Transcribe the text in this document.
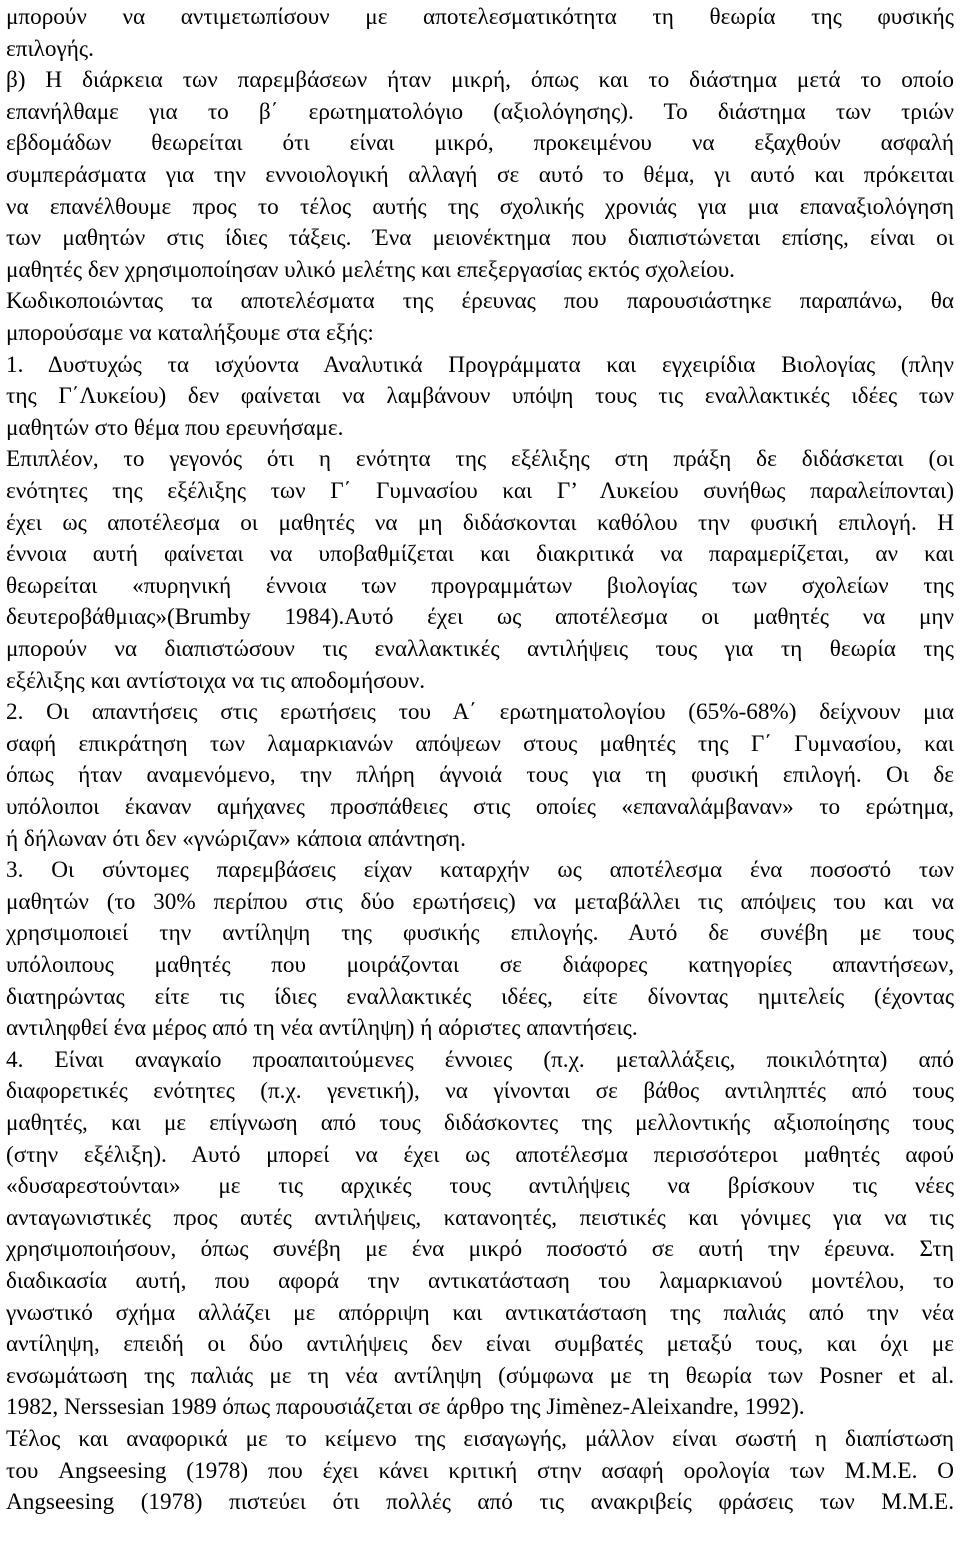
μπορούν να αντιμετωπίσουν με αποτελεσματικότητα τη θεωρία της φυσικής
επιλογής.
β) Η διάρκεια των παρεμβάσεων ήταν μικρή, όπως και το διάστημα μετά το οποίο
επανήλθαμε για το β΄ ερωτηματολόγιο (αξιολόγησης). Το διάστημα των τριών
εβδομάδων θεωρείται ότι είναι μικρό, προκειμένου να εξαχθούν ασφαλή
συμπεράσματα για την εννοιολογική αλλαγή σε αυτό το θέμα, γι αυτό και πρόκειται
να επανέλθουμε προς το τέλος αυτής της σχολικής χρονιάς για μια επαναξιολόγηση
των μαθητών στις ίδιες τάξεις. Ένα μειονέκτημα που διαπιστώνεται επίσης, είναι οι
μαθητές δεν χρησιμοποίησαν υλικό μελέτης και επεξεργασίας εκτός σχολείου.
Κωδικοποιώντας τα αποτελέσματα της έρευνας που παρουσιάστηκε παραπάνω, θα
μπορούσαμε να καταλήξουμε στα εξής:
1. Δυστυχώς τα ισχύοντα Αναλυτικά Προγράμματα και εγχειρίδια Βιολογίας (πλην
της Γ΄Λυκείου) δεν φαίνεται να λαμβάνουν υπόψη τους τις εναλλακτικές ιδέες των
μαθητών στο θέμα που ερευνήσαμε.
Επιπλέον, το γεγονός ότι η ενότητα της εξέλιξης στη πράξη δε διδάσκεται (οι
ενότητες της εξέλιξης των Γ΄ Γυμνασίου και Γ’ Λυκείου συνήθως παραλείπονται)
έχει ως αποτέλεσμα οι μαθητές να μη διδάσκονται καθόλου την φυσική επιλογή. Η
έννοια αυτή φαίνεται να υποβαθμίζεται και διακριτικά να παραμερίζεται, αν και
θεωρείται «πυρηνική έννοια των προγραμμάτων βιολογίας των σχολείων της
δευτεροβάθμιας»(Brumby 1984).Αυτό έχει ως αποτέλεσμα οι μαθητές να μην
μπορούν να διαπιστώσουν τις εναλλακτικές αντιλήψεις τους για τη θεωρία της
εξέλιξης και αντίστοιχα να τις αποδομήσουν.
2. Οι απαντήσεις στις ερωτήσεις του Α΄ ερωτηματολογίου (65%-68%) δείχνουν μια
σαφή επικράτηση των λαμαρκιανών απόψεων στους μαθητές της Γ΄ Γυμνασίου, και
όπως ήταν αναμενόμενο, την πλήρη άγνοιά τους για τη φυσική επιλογή. Οι δε
υπόλοιποι έκαναν αμήχανες προσπάθειες στις οποίες «επαναλάμβαναν» το ερώτημα,
ή δήλωναν ότι δεν «γνώριζαν» κάποια απάντηση.
3. Οι σύντομες παρεμβάσεις είχαν καταρχήν ως αποτέλεσμα ένα ποσοστό των
μαθητών (το 30% περίπου στις δύο ερωτήσεις) να μεταβάλλει τις απόψεις του και να
χρησιμοποιεί την αντίληψη της φυσικής επιλογής. Αυτό δε συνέβη με τους
υπόλοιπους μαθητές που μοιράζονται σε διάφορες κατηγορίες απαντήσεων,
διατηρώντας είτε τις ίδιες εναλλακτικές ιδέες, είτε δίνοντας ημιτελείς (έχοντας
αντιληφθεί ένα μέρος από τη νέα αντίληψη) ή αόριστες απαντήσεις.
4. Είναι αναγκαίο προαπαιτούμενες έννοιες (π.χ. μεταλλάξεις, ποικιλότητα) από
διαφορετικές ενότητες (π.χ. γενετική), να γίνονται σε βάθος αντιληπτές από τους
μαθητές, και με επίγνωση από τους διδάσκοντες της μελλοντικής αξιοποίησης τους
(στην εξέλιξη). Αυτό μπορεί να έχει ως αποτέλεσμα περισσότεροι μαθητές αφού
«δυσαρεστούνται» με τις αρχικές τους αντιλήψεις να βρίσκουν τις νέες
ανταγωνιστικές προς αυτές αντιλήψεις, κατανοητές, πειστικές και γόνιμες για να τις
χρησιμοποιήσουν, όπως συνέβη με ένα μικρό ποσοστό σε αυτή την έρευνα. Στη
διαδικασία αυτή, που αφορά την αντικατάσταση του λαμαρκιανού μοντέλου, το
γνωστικό σχήμα αλλάζει με απόρριψη και αντικατάσταση της παλιάς από την νέα
αντίληψη, επειδή οι δύο αντιλήψεις δεν είναι συμβατές μεταξύ τους, και όχι με
ενσωμάτωση της παλιάς με τη νέα αντίληψη (σύμφωνα με τη θεωρία των Posner et al.
1982, Nerssesian 1989 όπως παρουσιάζεται σε άρθρο της Jimènez-Aleixandre, 1992).
Τέλος και αναφορικά με το κείμενο της εισαγωγής, μάλλον είναι σωστή η διαπίστωση
του Angseesing (1978) που έχει κάνει κριτική στην ασαφή ορολογία των Μ.Μ.Ε. Ο
Angseesing (1978) πιστεύει ότι πολλές από τις ανακριβείς φράσεις των Μ.Μ.Ε.
